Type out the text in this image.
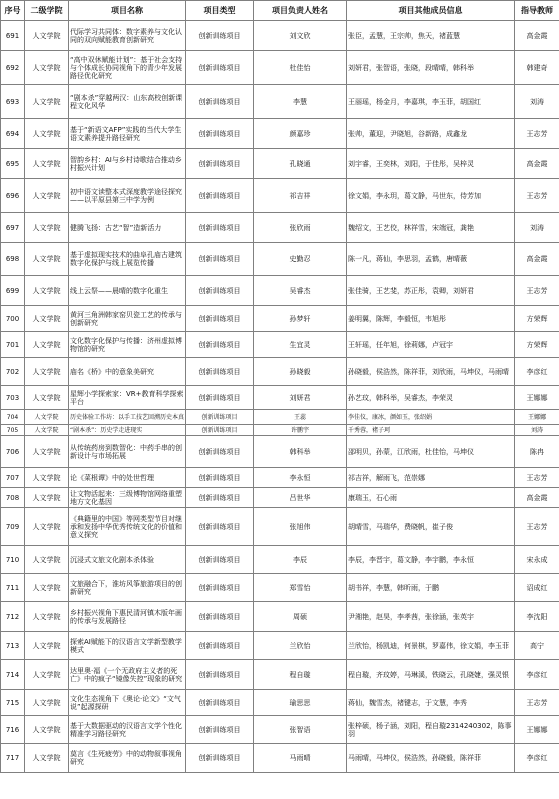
序号	二级学院	项目名称	项目类型	项目负责人姓名	项目其他成员信息	指导教师
691	人文学院	代际学习共同体：数字素养与文化认同的双向赋能教育创新研究	创新训练项目	刘文欣	张臣，孟慧，王宗帅，焦天，褚蓝慧	高金霞
692	人文学院	“高中双休赋能计划”：基于社会支持与个体成长协同视角下的青少年发展路径优化研究	创新训练项目	杜佳怡	刘妍君，张智语，张晓，段晴晴，韩科举	韩建奇
693	人文学院	“剧本杀”穿越两汉：山东高校创新课程文化风华	创新训练项目	李慧	王丽瑶，杨金月，李嘉琪，李玉菲，胡国红	刘涛
694	人文学院	基于“新语文AFP”实践的当代大学生语文素养提升路径研究	创新训练项目	颜嘉珍	张帅，董迎，尹晓旭，谷新路，成鑫龙	王志芳
695	人文学院	智韵乡村：AI与乡村诗歌结合推动乡村振兴计划	创新训练项目	孔晓通	刘宇睿，王奕林，刘阳，于佳彤，吴梓灵	高金霞
696	人文学院	初中语文读整本式深度教学途径探究——以平原县第三中学为例	创新训练项目	祁吉祥	徐文娟，李永玥，葛文静，马世东，侍芳加	王志芳
697	人文学院	健腾飞扬：古艺“智”造新活力	创新训练项目	张欣雨	魏绍文，王艺佼，林祥雪，宋端冠，龚艳	刘涛
698	人文学院	基于虚拟现实技术的曲阜孔庙古建筑数字化保护与线上展览传播	创新训练项目	史勤忍	陈一凡，蒋仙，李思羽，孟鹤，唐晴薇	高金霞
699	人文学院	线上云祭——晨晴的数字化重生	创新训练项目	吴睿杰	张佳骑，王艺斐，苏正彤，袁卿，刘妍君	王志芳
700	人文学院	黄河三角洲韩家窑贝瓷工艺的传承与创新研究	创新训练项目	孙梦轩	姜明翼，陈辉，李毅恒，韦旭彤	方荣辉
701	人文学院	文化数字化保护与传播：济州虚拟博物馆的研究	创新训练项目	生宜灵	王轩瑶，任年旭，徐莉娜，卢冠宇	方荣辉
702	人文学院	庙名《桥》中的意象美研究	创新训练项目	孙晓毅	孙晓毅，侯浩然，陈祥菲，刘欣雨，马坤仪，马雨晴	李彦红
703	人文学院	星辉小学探索家：VR+教育科学探索平台	创新训练项目	刘妍君	孙艺玟，韩科举，吴睿杰，李荣灵	王娜娜
704	人文学院	历史体验工作坊：以手工技艺回溯历史本真	创新训练项目	王蕊	李佳仪，康冰，颜如玉，张绍娟	王娜娜
705	人文学院	“剧本杀”：历史学走进现实	创新训练项目	许鹏宇	千秀蓉，褚子珂	刘涛
706	人文学院	从传统药房到数智化：中药手串的创新设计与市场拓展	创新训练项目	韩科举	邵明贝，孙蒙，江欣雨，杜佳怡，马坤仪	陈冉
707	人文学院	论《菜根谭》中的处世哲理	创新训练项目	李永恒	祁吉祥，解雨飞，范崇娜	王志芳
708	人文学院	让文物活起来：三级博物馆网络重塑地方文化基因	创新训练项目	吕世华	康瑞玉，石心雨	高金霞
709	人文学院	《典籍里的中国》等网类型节目对继承和发扬中华优秀传统文化的价值和意义探究	创新训练项目	张旭伟	胡晴雪，马瑞华，费晓帆，崔子俊	王志芳
710	人文学院	沉浸式文旅文化剧本杀体验	创新训练项目	李辰	李辰，李晋宇，葛文静，李宇鹏，李永恒	宋永成
711	人文学院	文旅融合下，淮坊风筝旅游项目的创新研究	创新训练项目	郑雪怡	胡书祥，李慧，韩昕雨，于鹏	诏成红
712	人文学院	乡村振兴视角下惠民清河镇木版年画的传承与发展路径	创新训练项目	周硕	尹湘艳，赵昊，李孝茜，张徐涵，张英宇	李沈阳
713	人文学院	探索AI赋能下的汉语言文学新型教学模式	创新训练项目	兰欣怡	兰欣怡，杨凯迪，何景棋，罗嘉伟，徐文娟，李玉菲	高宁
714	人文学院	达里奥·福《一个无政府主义者的死亡》中的疯子“镜像失控”现象的研究	创新训练项目	程自璇	程自璇，齐玟婷，马琳溪，铁晓云，孔晓婕，强灵银	李彦红
715	人文学院	文化生态视角下《奥论·论文》“文气说”起源探研	创新训练项目	瑜思思	蒋仙，魏雪杰，褚键志，于文慧，李秀	王志芳
716	人文学院	基于大数据驱动的汉语言文学个性化精准学习路径研究	创新训练项目	张智语	张梓硕，杨子涵，刘阳，程自璇2314240302，陈事羽	王娜娜
717	人文学院	莫言《生死疲劳》中的动物叙事视角研究	创新训练项目	马雨晴	马雨晴，马坤仪，侯浩然，孙晓毅，陈祥菲	李彦红
